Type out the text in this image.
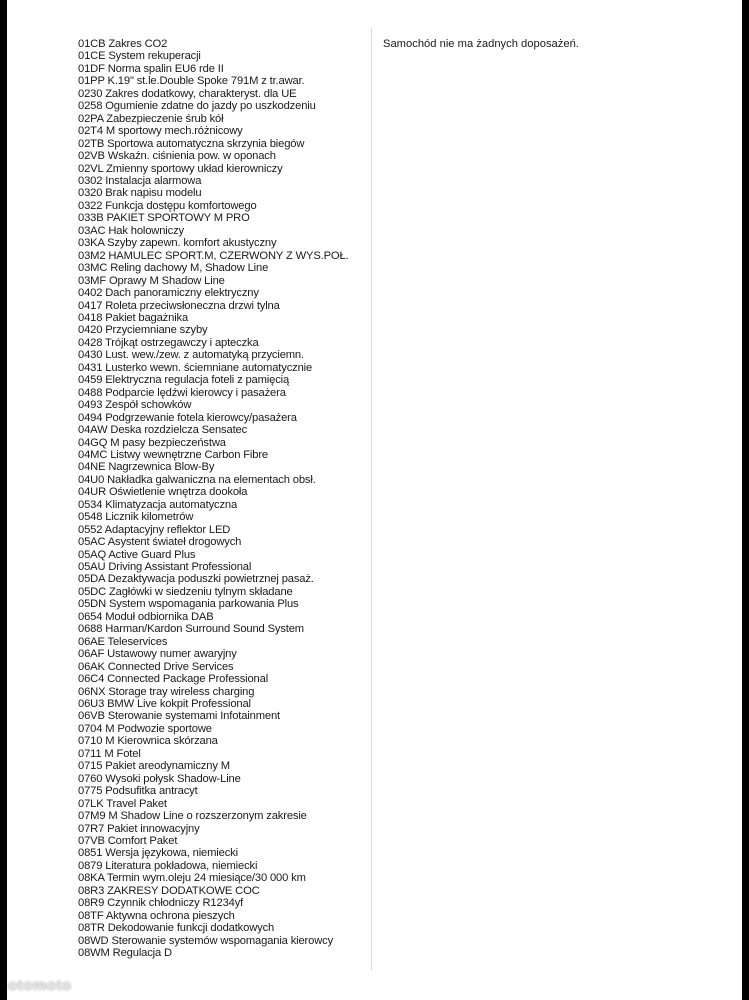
01CB Zakres CO2
01CE System rekuperacji
01DF Norma spalin EU6 rde II
01PP K.19" st.le.Double Spoke 791M z tr.awar.
0230 Zakres dodatkowy, charakteryst. dla UE
0258 Ogumienie zdatne do jazdy po uszkodzeniu
02PA Zabezpieczenie śrub kół
02T4 M sportowy mech.różnicowy
02TB Sportowa automatyczna skrzynia biegów
02VB Wskaźn. ciśnienia pow. w oponach
02VL Zmienny sportowy układ kierowniczy
0302 Instalacja alarmowa
0320 Brak napisu modelu
0322 Funkcja dostępu komfortowego
033B PAKIET SPORTOWY M PRO
03AC Hak holowniczy
03KA Szyby zapewn. komfort akustyczny
03M2 HAMULEC SPORT.M, CZERWONY Z WYS.POŁ.
03MC Reling dachowy M, Shadow Line
03MF Oprawy M Shadow Line
0402 Dach panoramiczny elektryczny
0417 Roleta przeciwsłoneczna drzwi tylna
0418 Pakiet bagażnika
0420 Przyciemniane szyby
0428 Trójkąt ostrzegawczy i apteczka
0430 Lust. wew./zew. z automatyką przyciemn.
0431 Lusterko wewn. ściemniane automatycznie
0459 Elektryczna regulacja foteli z pamięcią
0488 Podparcie lędźwi kierowcy i pasażera
0493 Zespół schowków
0494 Podgrzewanie fotela kierowcy/pasażera
04AW Deska rozdzielcza Sensatec
04GQ M pasy bezpieczeństwa
04MC Listwy wewnętrzne Carbon Fibre
04NE Nagrzewnica Blow-By
04U0 Nakładka galwaniczna na elementach obsł.
04UR Oświetlenie wnętrza dookoła
0534 Klimatyzacja automatyczna
0548 Licznik kilometrów
0552 Adaptacyjny reflektor LED
05AC Asystent świateł drogowych
05AQ Active Guard Plus
05AU Driving Assistant Professional
05DA Dezaktywacja poduszki powietrznej pasaż.
05DC Zagłówki w siedzeniu tylnym składane
05DN System wspomagania parkowania Plus
0654 Moduł odbiornika DAB
0688 Harman/Kardon Surround Sound System
06AE Teleservices
06AF Ustawowy numer awaryjny
06AK Connected Drive Services
06C4 Connected Package Professional
06NX Storage tray wireless charging
06U3 BMW Live kokpit Professional
06VB Sterowanie systemami Infotainment
0704 M Podwozie sportowe
0710 M Kierownica skórzana
0711 M Fotel
0715 Pakiet areodynamiczny M
0760 Wysoki połysk Shadow-Line
0775 Podsufitka antracyt
07LK Travel Paket
07M9 M Shadow Line o rozszerzonym zakresie
07R7 Pakiet innowacyjny
07VB Comfort Paket
0851 Wersja językowa, niemiecki
0879 Literatura pokładowa, niemiecki
08KA Termin wym.oleju 24 miesiące/30 000 km
08R3 ZAKRESY DODATKOWE COC
08R9 Czynnik chłodniczy R1234yf
08TF Aktywna ochrona pieszych
08TR Dekodowanie funkcji dodatkowych
08WD Sterowanie systemów wspomagania kierowcy
08WM Regulacja D
Samochód nie ma żadnych doposażeń.
otomoto
